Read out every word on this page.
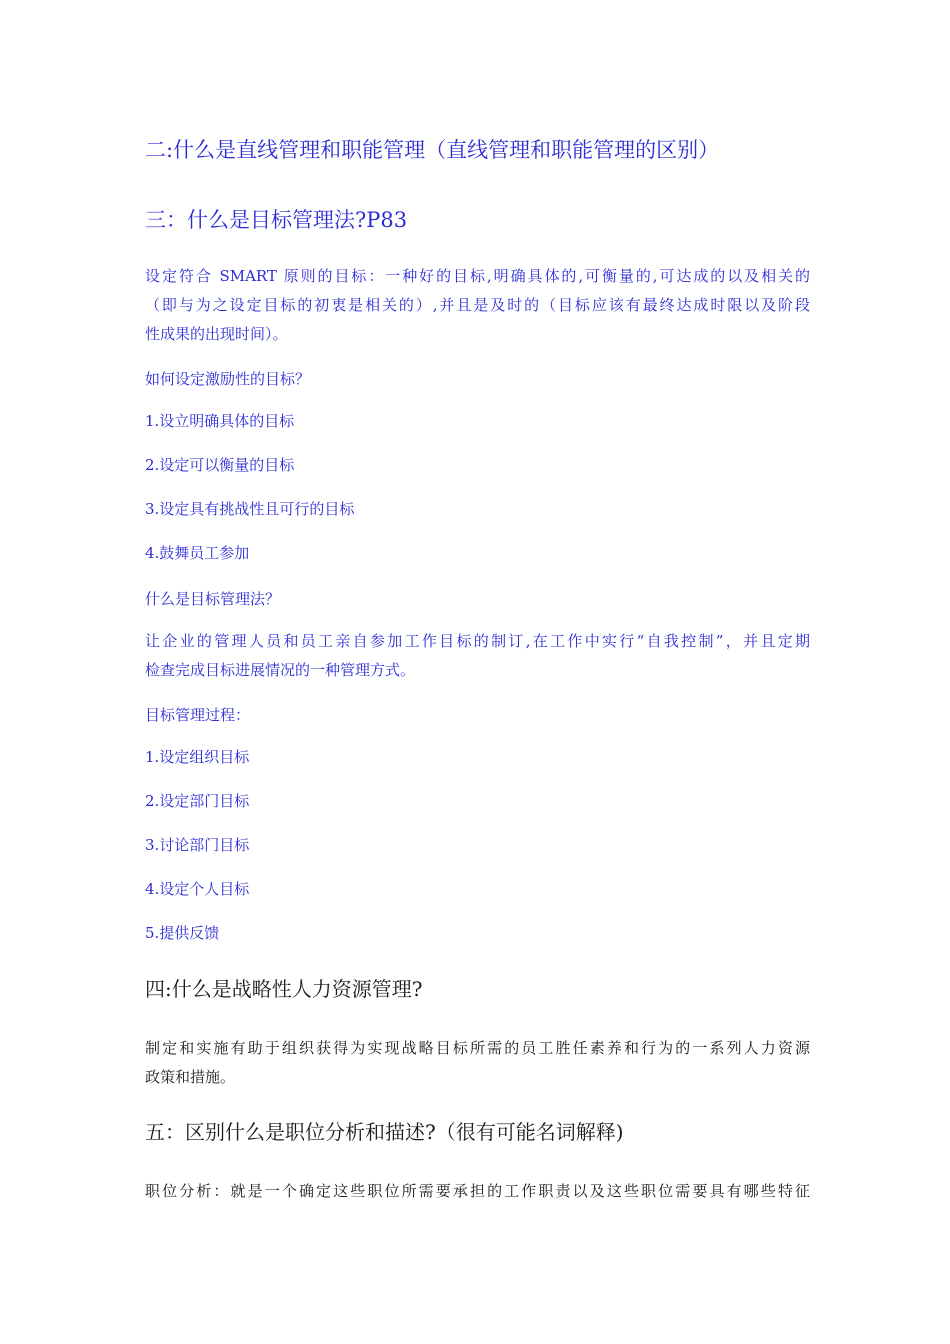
二:什么是直线管理和职能管理（直线管理和职能管理的区别）

三：什么是目标管理法?P83

设定符合 SMART 原则的目标：一种好的目标,明确具体的,可衡量的,可达成的以及相关的

（即与为之设定目标的初衷是相关的）,并且是及时的（目标应该有最终达成时限以及阶段

性成果的出现时间）。

如何设定激励性的目标？

1.设立明确具体的目标

2.设定可以衡量的目标

3.设定具有挑战性且可行的目标

4.鼓舞员工参加

什么是目标管理法？

让企业的管理人员和员工亲自参加工作目标的制订,在工作中实行“自我控制”，并且定期

检查完成目标进展情况的一种管理方式。

目标管理过程：

1.设定组织目标

2.设定部门目标

3.讨论部门目标

4.设定个人目标

5.提供反馈

四:什么是战略性人力资源管理?

制定和实施有助于组织获得为实现战略目标所需的员工胜任素养和行为的一系列人力资源

政策和措施。

五：区别什么是职位分析和描述?（很有可能名词解释)

职位分析：就是一个确定这些职位所需要承担的工作职责以及这些职位需要具有哪些特征
